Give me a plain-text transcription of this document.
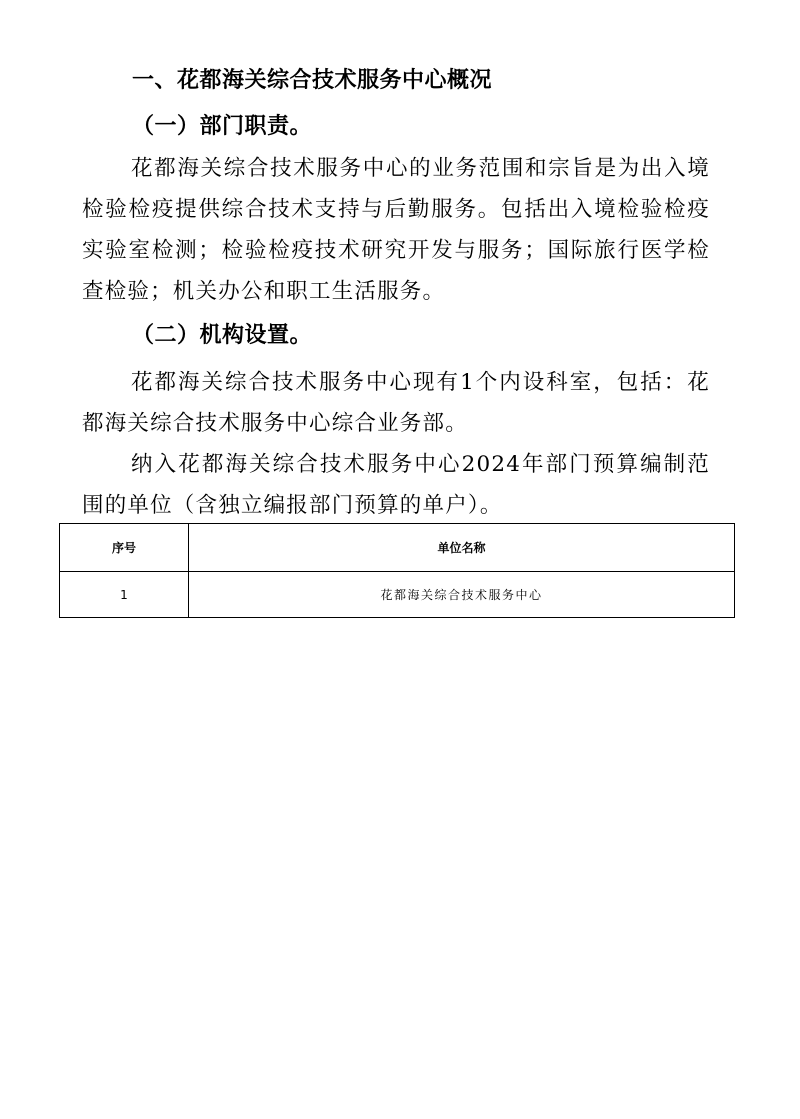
一、花都海关综合技术服务中心概况
（一）部门职责。
花都海关综合技术服务中心的业务范围和宗旨是为出入境检验检疫提供综合技术支持与后勤服务。包括出入境检验检疫实验室检测；检验检疫技术研究开发与服务；国际旅行医学检查检验；机关办公和职工生活服务。
（二）机构设置。
花都海关综合技术服务中心现有1个内设科室，包括：花都海关综合技术服务中心综合业务部。
纳入花都海关综合技术服务中心2024年部门预算编制范围的单位（含独立编报部门预算的单户）。
序号	单位名称
1	花都海关综合技术服务中心
